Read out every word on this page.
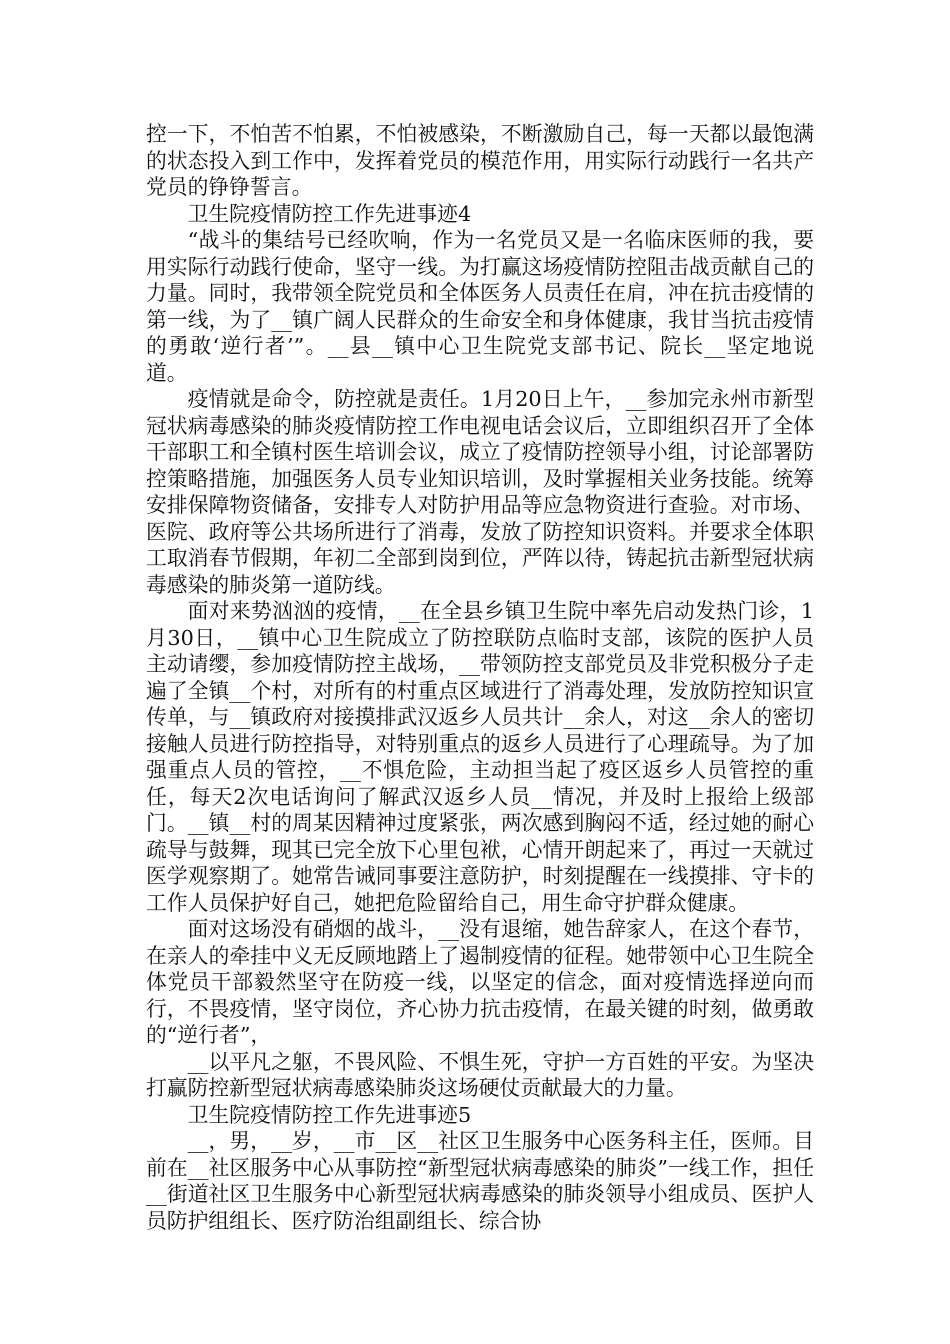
控一下，不怕苦不怕累，不怕被感染，不断激励自己，每一天都以最饱满的状态投入到工作中，发挥着党员的模范作用，用实际行动践行一名共产党员的铮铮誓言。

卫生院疫情防控工作先进事迹4

“战斗的集结号已经吹响，作为一名党员又是一名临床医师的我，要用实际行动践行使命，坚守一线。为打赢这场疫情防控阻击战贡献自己的力量。同时，我带领全院党员和全体医务人员责任在肩，冲在抗击疫情的第一线，为了__镇广阔人民群众的生命安全和身体健康，我甘当抗击疫情的勇敢‘逆行者’”。__县__镇中心卫生院党支部书记、院长__坚定地说道。

疫情就是命令，防控就是责任。1月20日上午，__参加完永州市新型冠状病毒感染的肺炎疫情防控工作电视电话会议后，立即组织召开了全体干部职工和全镇村医生培训会议，成立了疫情防控领导小组，讨论部署防控策略措施，加强医务人员专业知识培训，及时掌握相关业务技能。统筹安排保障物资储备，安排专人对防护用品等应急物资进行查验。对市场、医院、政府等公共场所进行了消毒，发放了防控知识资料。并要求全体职工取消春节假期，年初二全部到岗到位，严阵以待，铸起抗击新型冠状病毒感染的肺炎第一道防线。

面对来势汹汹的疫情，__在全县乡镇卫生院中率先启动发热门诊，1月30日，__镇中心卫生院成立了防控联防点临时支部，该院的医护人员主动请缨，参加疫情防控主战场，__带领防控支部党员及非党积极分子走遍了全镇__个村，对所有的村重点区域进行了消毒处理，发放防控知识宣传单，与__镇政府对接摸排武汉返乡人员共计__余人，对这__余人的密切接触人员进行防控指导，对特别重点的返乡人员进行了心理疏导。为了加强重点人员的管控，__不惧危险，主动担当起了疫区返乡人员管控的重任，每天2次电话询问了解武汉返乡人员__情况，并及时上报给上级部门。__镇__村的周某因精神过度紧张，两次感到胸闷不适，经过她的耐心疏导与鼓舞，现其已完全放下心里包袱，心情开朗起来了，再过一天就过医学观察期了。她常告诫同事要注意防护，时刻提醒在一线摸排、守卡的工作人员保护好自己，她把危险留给自己，用生命守护群众健康。

面对这场没有硝烟的战斗，__没有退缩，她告辞家人，在这个春节，在亲人的牵挂中义无反顾地踏上了遏制疫情的征程。她带领中心卫生院全体党员干部毅然坚守在防疫一线，以坚定的信念，面对疫情选择逆向而行，不畏疫情，坚守岗位，齐心协力抗击疫情，在最关键的时刻，做勇敢的“逆行者”，

__以平凡之躯，不畏风险、不惧生死，守护一方百姓的平安。为坚决打赢防控新型冠状病毒感染肺炎这场硬仗贡献最大的力量。

卫生院疫情防控工作先进事迹5

__，男，__岁，__市__区__社区卫生服务中心医务科主任，医师。目前在__社区服务中心从事防控“新型冠状病毒感染的肺炎”一线工作，担任__街道社区卫生服务中心新型冠状病毒感染的肺炎领导小组成员、医护人员防护组组长、医疗防治组副组长、综合协
